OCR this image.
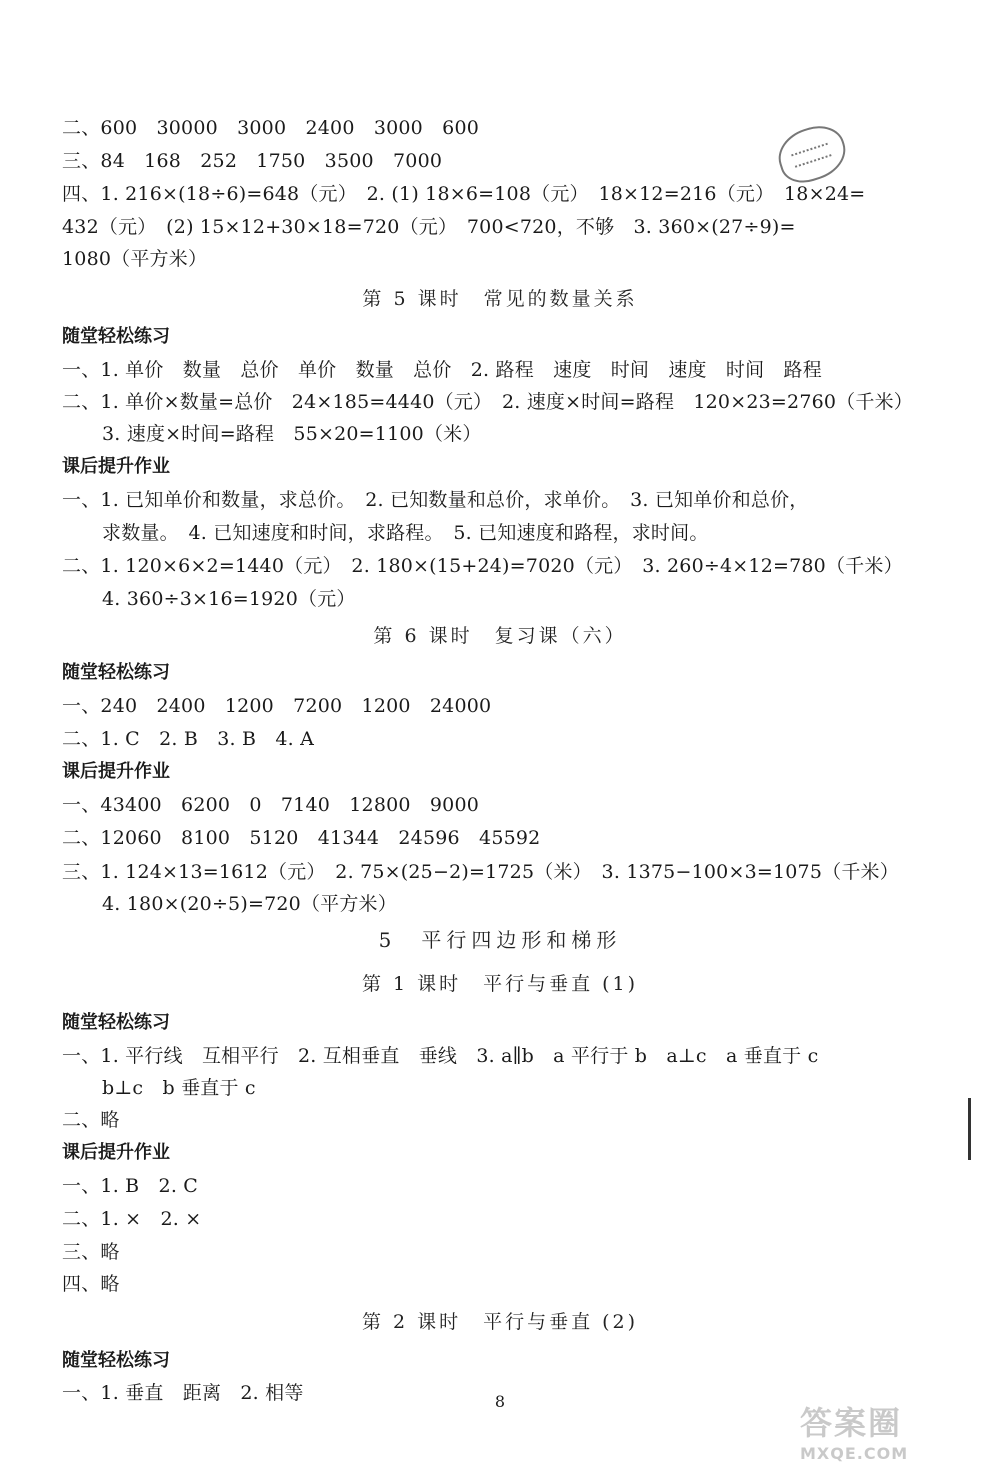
二、600　30000　3000　2400　3000　600
三、84　168　252　1750　3500　7000
四、1. 216×(18÷6)=648（元）　2. (1) 18×6=108（元）　18×12=216（元）　18×24=
432（元）　(2) 15×12+30×18=720（元）　700<720，不够　3. 360×(27÷9)=
1080（平方米）
第 5 课时　常见的数量关系
随堂轻松练习
一、1. 单价　数量　总价　单价　数量　总价　2. 路程　速度　时间　速度　时间　路程
二、1. 单价×数量=总价　24×185=4440（元）　2. 速度×时间=路程　120×23=2760（千米）
3. 速度×时间=路程　55×20=1100（米）
课后提升作业
一、1. 已知单价和数量，求总价。　2. 已知数量和总价，求单价。　3. 已知单价和总价，
求数量。　4. 已知速度和时间，求路程。　5. 已知速度和路程，求时间。
二、1. 120×6×2=1440（元）　2. 180×(15+24)=7020（元）　3. 260÷4×12=780（千米）
4. 360÷3×16=1920（元）
第 6 课时　复习课（六）
随堂轻松练习
一、240　2400　1200　7200　1200　24000
二、1. C　2. B　3. B　4. A
课后提升作业
一、43400　6200　0　7140　12800　9000
二、12060　8100　5120　41344　24596　45592
三、1. 124×13=1612（元）　2. 75×(25−2)=1725（米）　3. 1375−100×3=1075（千米）
4. 180×(20÷5)=720（平方米）
5　平行四边形和梯形
第 1 课时　平行与垂直 (1)
随堂轻松练习
一、1. 平行线　互相平行　2. 互相垂直　垂线　3. a∥b　a 平行于 b　a⊥c　a 垂直于 c
b⊥c　b 垂直于 c
二、略
课后提升作业
一、1. B　2. C
二、1. ×　2. ×
三、略
四、略
第 2 课时　平行与垂直 (2)
随堂轻松练习
一、1. 垂直　距离　2. 相等	8
答案圈
MXQE.COM
